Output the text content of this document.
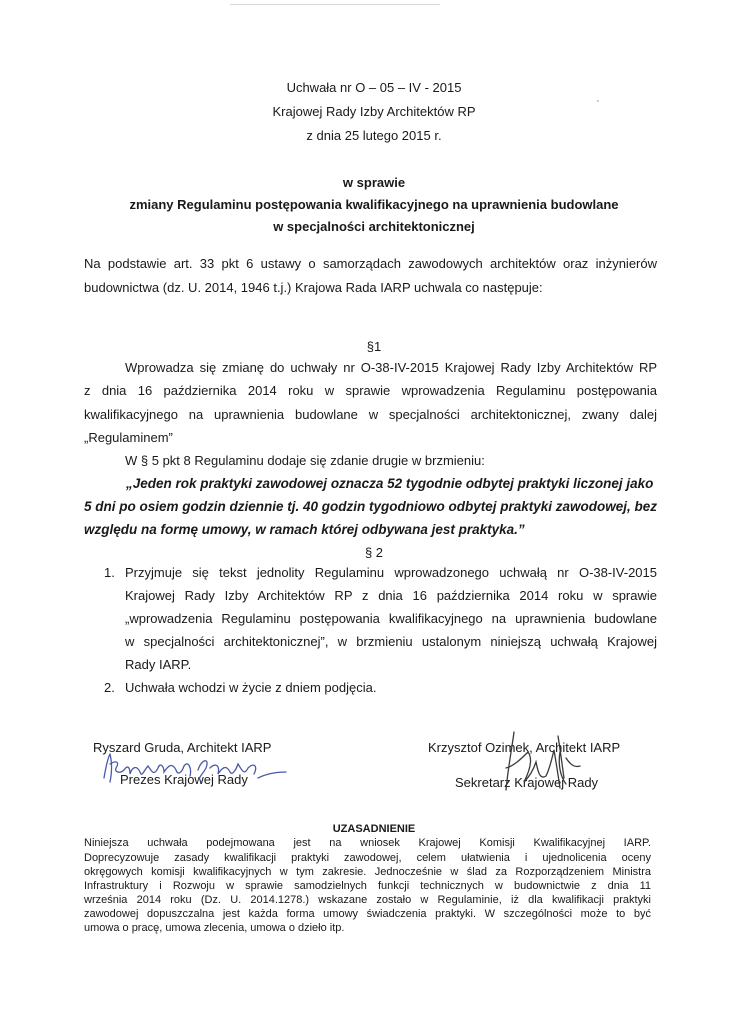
Uchwała nr O – 05 – IV - 2015
Krajowej Rady Izby Architektów RP
z dnia 25 lutego 2015 r.
w sprawie
zmiany Regulaminu postępowania kwalifikacyjnego na uprawnienia budowlane
w specjalności architektonicznej
Na podstawie art. 33 pkt 6 ustawy o samorządach zawodowych architektów oraz inżynierów
budownictwa (dz. U. 2014, 1946 t.j.) Krajowa Rada IARP uchwala co następuje:
§1
Wprowadza się zmianę do uchwały nr O-38-IV-2015 Krajowej Rady Izby Architektów RP
z dnia 16 października 2014 roku w sprawie wprowadzenia Regulaminu postępowania
kwalifikacyjnego na uprawnienia budowlane w specjalności architektonicznej, zwany dalej
„Regulaminem”
W § 5 pkt 8 Regulaminu dodaje się zdanie drugie w brzmieniu:
„Jeden rok praktyki zawodowej oznacza 52 tygodnie odbytej praktyki liczonej jako
5 dni po osiem godzin dziennie tj. 40 godzin tygodniowo odbytej praktyki zawodowej, bez
względu na formę umowy, w ramach której odbywana jest praktyka.”
§ 2
1. Przyjmuje się tekst jednolity Regulaminu wprowadzonego uchwałą nr O-38-IV-2015
Krajowej Rady Izby Architektów RP z dnia 16 października 2014 roku w sprawie
„wprowadzenia Regulaminu postępowania kwalifikacyjnego na uprawnienia budowlane
w specjalności architektonicznej”, w brzmieniu ustalonym niniejszą uchwałą Krajowej
Rady IARP.
2. Uchwała wchodzi w życie z dniem podjęcia.
Ryszard Gruda, Architekt IARP
Prezes Krajowej Rady
Krzysztof Ozimek, Architekt IARP
Sekretarz Krajowej Rady
UZASADNIENIE
Niniejsza uchwała podejmowana jest na wniosek Krajowej Komisji Kwalifikacyjnej IARP.
Doprecyzowuje zasady kwalifikacji praktyki zawodowej, celem ułatwienia i ujednolicenia oceny
okręgowych komisji kwalifikacyjnych w tym zakresie. Jednocześnie w ślad za Rozporządzeniem Ministra
Infrastruktury i Rozwoju w sprawie samodzielnych funkcji technicznych w budownictwie z dnia 11
września 2014 roku (Dz. U. 2014.1278.) wskazane zostało w Regulaminie, iż dla kwalifikacji praktyki
zawodowej dopuszczalna jest każda forma umowy świadczenia praktyki. W szczególności może to być
umowa o pracę, umowa zlecenia, umowa o dzieło itp.
